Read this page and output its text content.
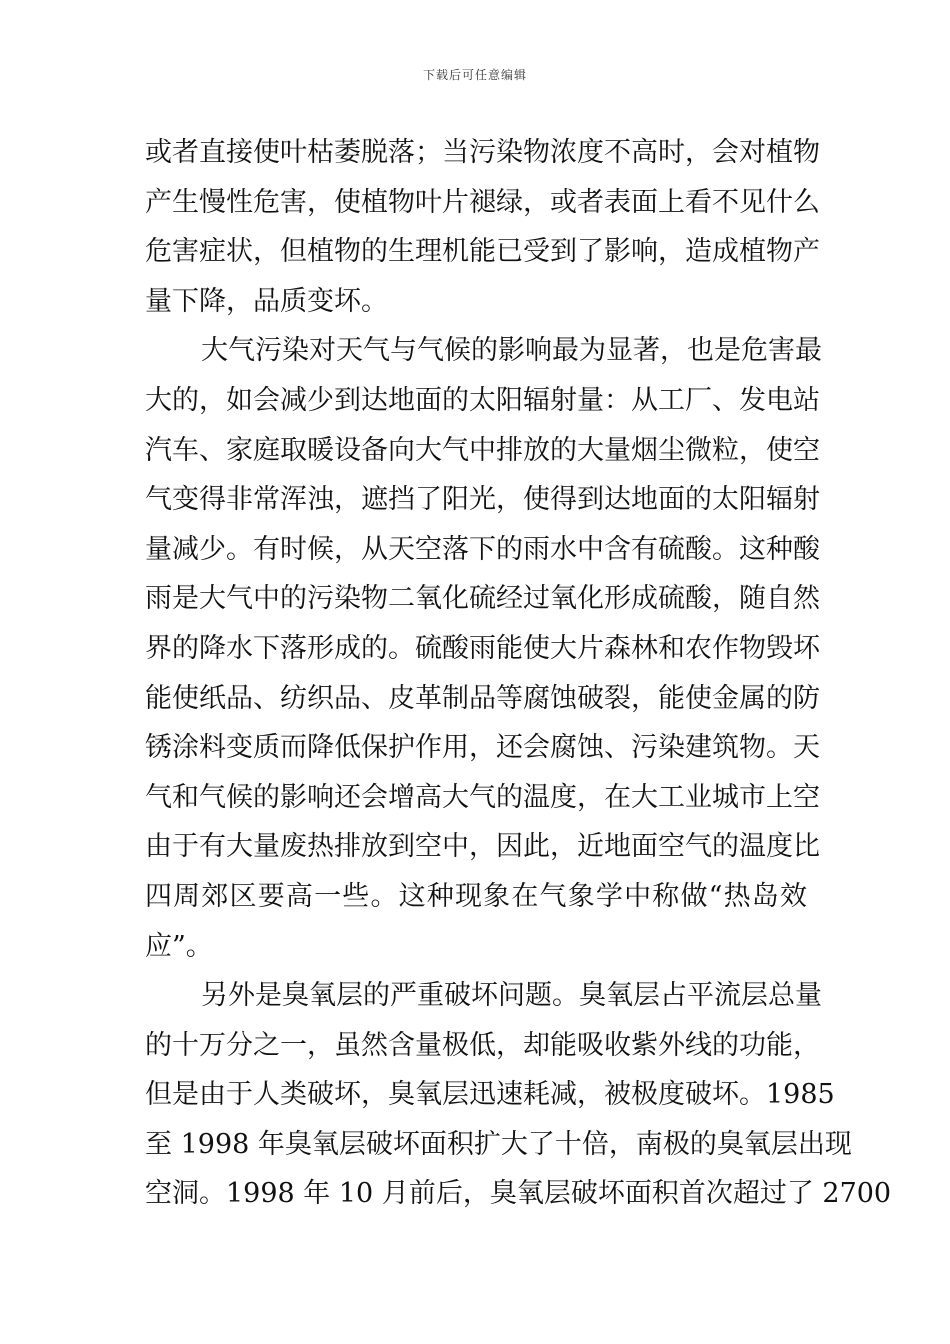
下载后可任意编辑
或者直接使叶枯萎脱落；当污染物浓度不高时，会对植物
产生慢性危害，使植物叶片褪绿，或者表面上看不见什么
危害症状，但植物的生理机能已受到了影响，造成植物产
量下降，品质变坏。
大气污染对天气与气候的影响最为显著，也是危害最
大的，如会减少到达地面的太阳辐射量：从工厂、发电站
汽车、家庭取暖设备向大气中排放的大量烟尘微粒，使空
气变得非常浑浊，遮挡了阳光，使得到达地面的太阳辐射
量减少。有时候，从天空落下的雨水中含有硫酸。这种酸
雨是大气中的污染物二氧化硫经过氧化形成硫酸，随自然
界的降水下落形成的。硫酸雨能使大片森林和农作物毁坏
能使纸品、纺织品、皮革制品等腐蚀破裂，能使金属的防
锈涂料变质而降低保护作用，还会腐蚀、污染建筑物。天
气和气候的影响还会增高大气的温度，在大工业城市上空
由于有大量废热排放到空中，因此，近地面空气的温度比
四周郊区要高一些。这种现象在气象学中称做“热岛效
应”。
另外是臭氧层的严重破坏问题。臭氧层占平流层总量
的十万分之一，虽然含量极低，却能吸收紫外线的功能，
但是由于人类破坏，臭氧层迅速耗减，被极度破坏。1985
至 1998 年臭氧层破坏面积扩大了十倍，南极的臭氧层出现
空洞。1998 年 10 月前后，臭氧层破坏面积首次超过了 2700
